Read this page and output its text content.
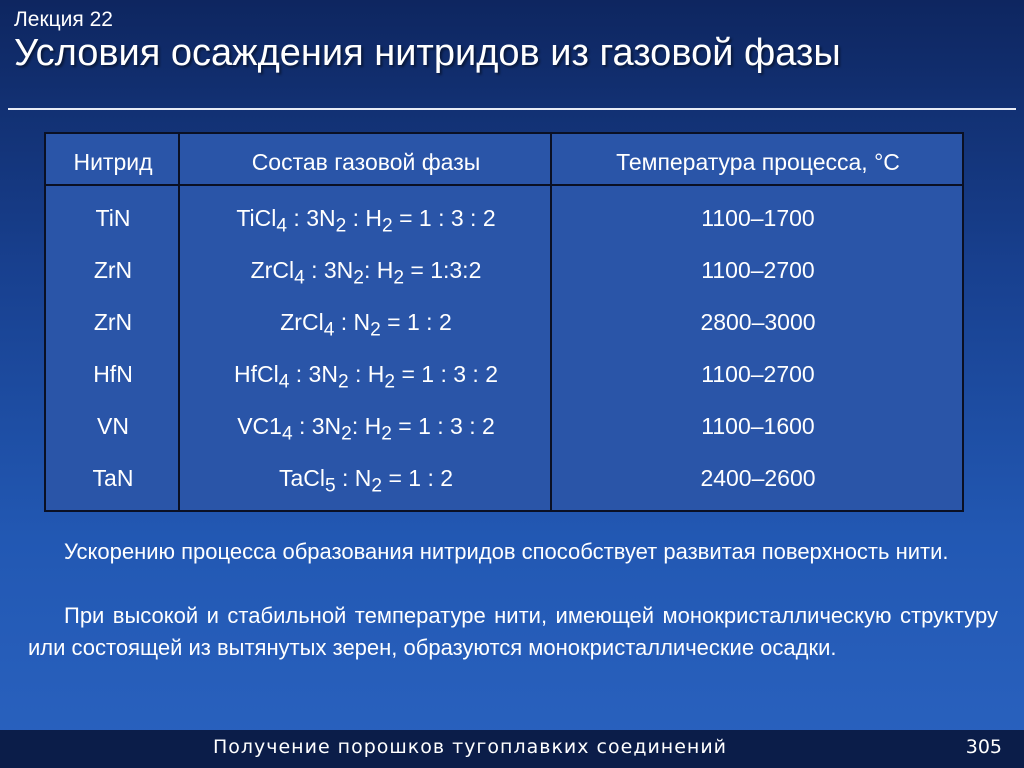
Лекция 22
Условия осаждения нитридов из газовой фазы
Нитрид	Состав газовой фазы	Температура процесса, °С
TiN	TiCl$_4$ : $3N_2$ : $H_2 = 1$ : 3 : 2	1100–1700
ZrN	ZrCl$_4$ : $3N_2$: $H_2$ = 1:3:2	1100–2700
ZrN	ZrCl$_4$ : $N_2 = 1$ : 2	2800–3000
HfN	HfCl$_4$ : $3N_2$ : $H_2 = 1$ : 3 : 2	1100–2700
VN	$VC1_4$ : $3N_2$: $H_2 = 1$ : 3 : 2	1100–1600
TaN	TaCl$_5$ : $N_2 = 1$ : 2	2400–2600

Ускорению процесса образования нитридов способствует развитая поверхность нити.

При высокой и стабильной температуре нити, имеющей монокристаллическую структуру или состоящей из вытянутых зерен, образуются монокристаллические осадки.

Получение порошков тугоплавких соединений	305
